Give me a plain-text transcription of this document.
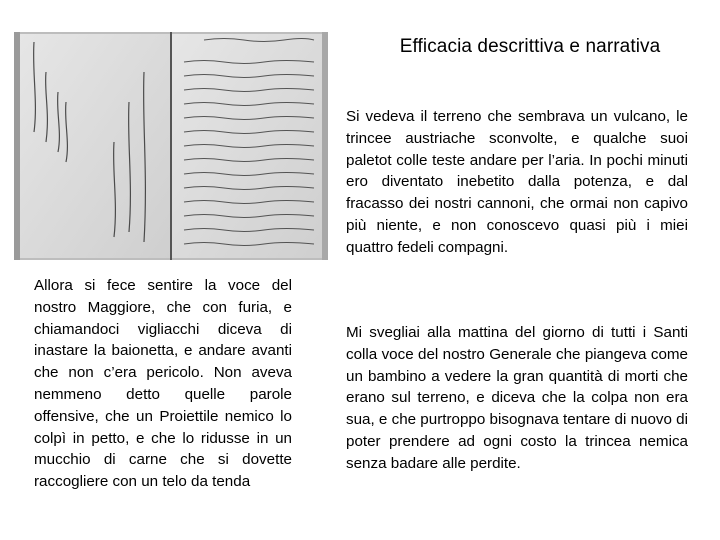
Efficacia descrittiva e narrativa

Si vedeva il terreno che sembrava un vulcano, le trincee austriache sconvolte, e qualche suoi paletot colle teste andare per l’aria. In pochi minuti ero diventato inebetito dalla potenza, e dal fracasso dei nostri cannoni, che ormai non capivo più niente, e non conoscevo quasi più i miei quattro fedeli compagni.

Mi svegliai alla mattina del giorno di tutti i Santi colla voce del nostro Generale che piangeva come un bambino a vedere la gran quantità di morti che erano sul terreno, e diceva che la colpa non era sua, e che purtroppo bisognava tentare di nuovo di poter prendere ad ogni costo la trincea nemica senza badare alle perdite.

Allora si fece sentire la voce del nostro Maggiore, che con furia, e chiamandoci vigliacchi diceva di inastare la baionetta, e andare avanti che non c’era pericolo. Non aveva nemmeno detto quelle parole offensive, che un Proiettile nemico lo colpì in petto, e che lo ridusse in un mucchio di carne che si dovette raccogliere con un telo da tenda
